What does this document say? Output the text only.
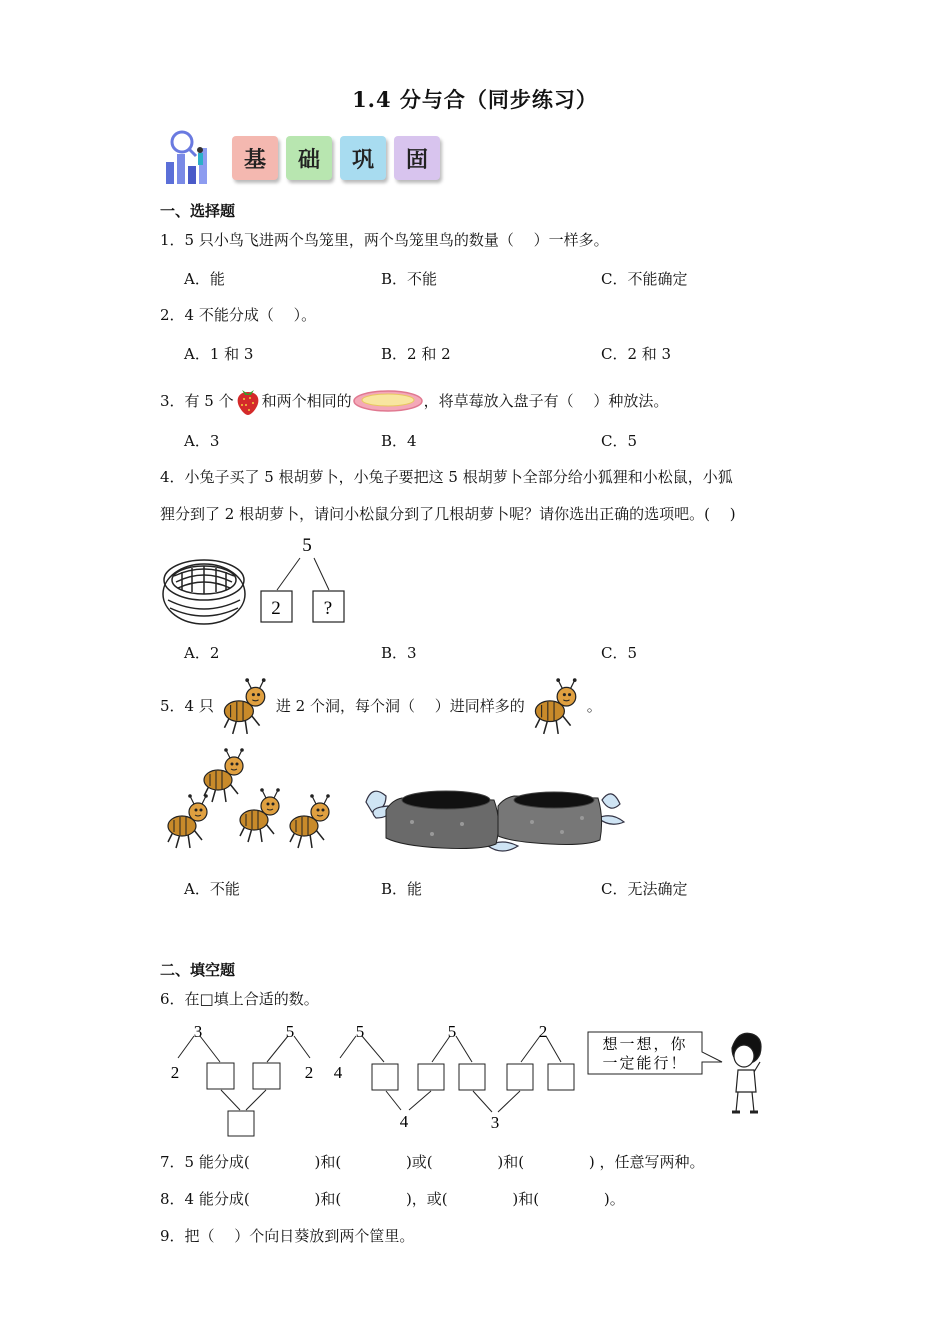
1.4 分与合（同步练习）
基	础	巩	固
一、选择题
1．5 只小鸟飞进两个鸟笼里，两个鸟笼里鸟的数量（　 ）一样多。
A．能	B．不能	C．不能确定
2．4 不能分成（　 ）。
A．1 和 3	B．2 和 2	C．2 和 3
3．有 5 个 和两个相同的	，将草莓放入盘子有（　 ）种放法。
A．3	B．4	C．5
4．小兔子买了 5 根胡萝卜，小兔子要把这 5 根胡萝卜全部分给小狐狸和小松鼠，小狐
狸分到了 2 根胡萝卜，请问小松鼠分到了几根胡萝卜呢？请你选出正确的选项吧。(　 )
5
2 ?
A．2	B．3	C．5
5．4 只	进 2 个洞，每个洞（　 ）进同样多的	。
A．不能	B．能	C．无法确定
二、填空题
6．在□填上合适的数。
3
2
5
2
5
4
5
4
2
3
想一想，你
一定能行！
7．5 能分成(　　　　 )和(　　　　 )或(　　　　 )和(　　　　 ) ，任意写两种。
8．4 能分成(　　　　 )和(　　　　 )，或(　　　　 )和(　　　　 )。
9．把（　 ）个向日葵放到两个筐里。
